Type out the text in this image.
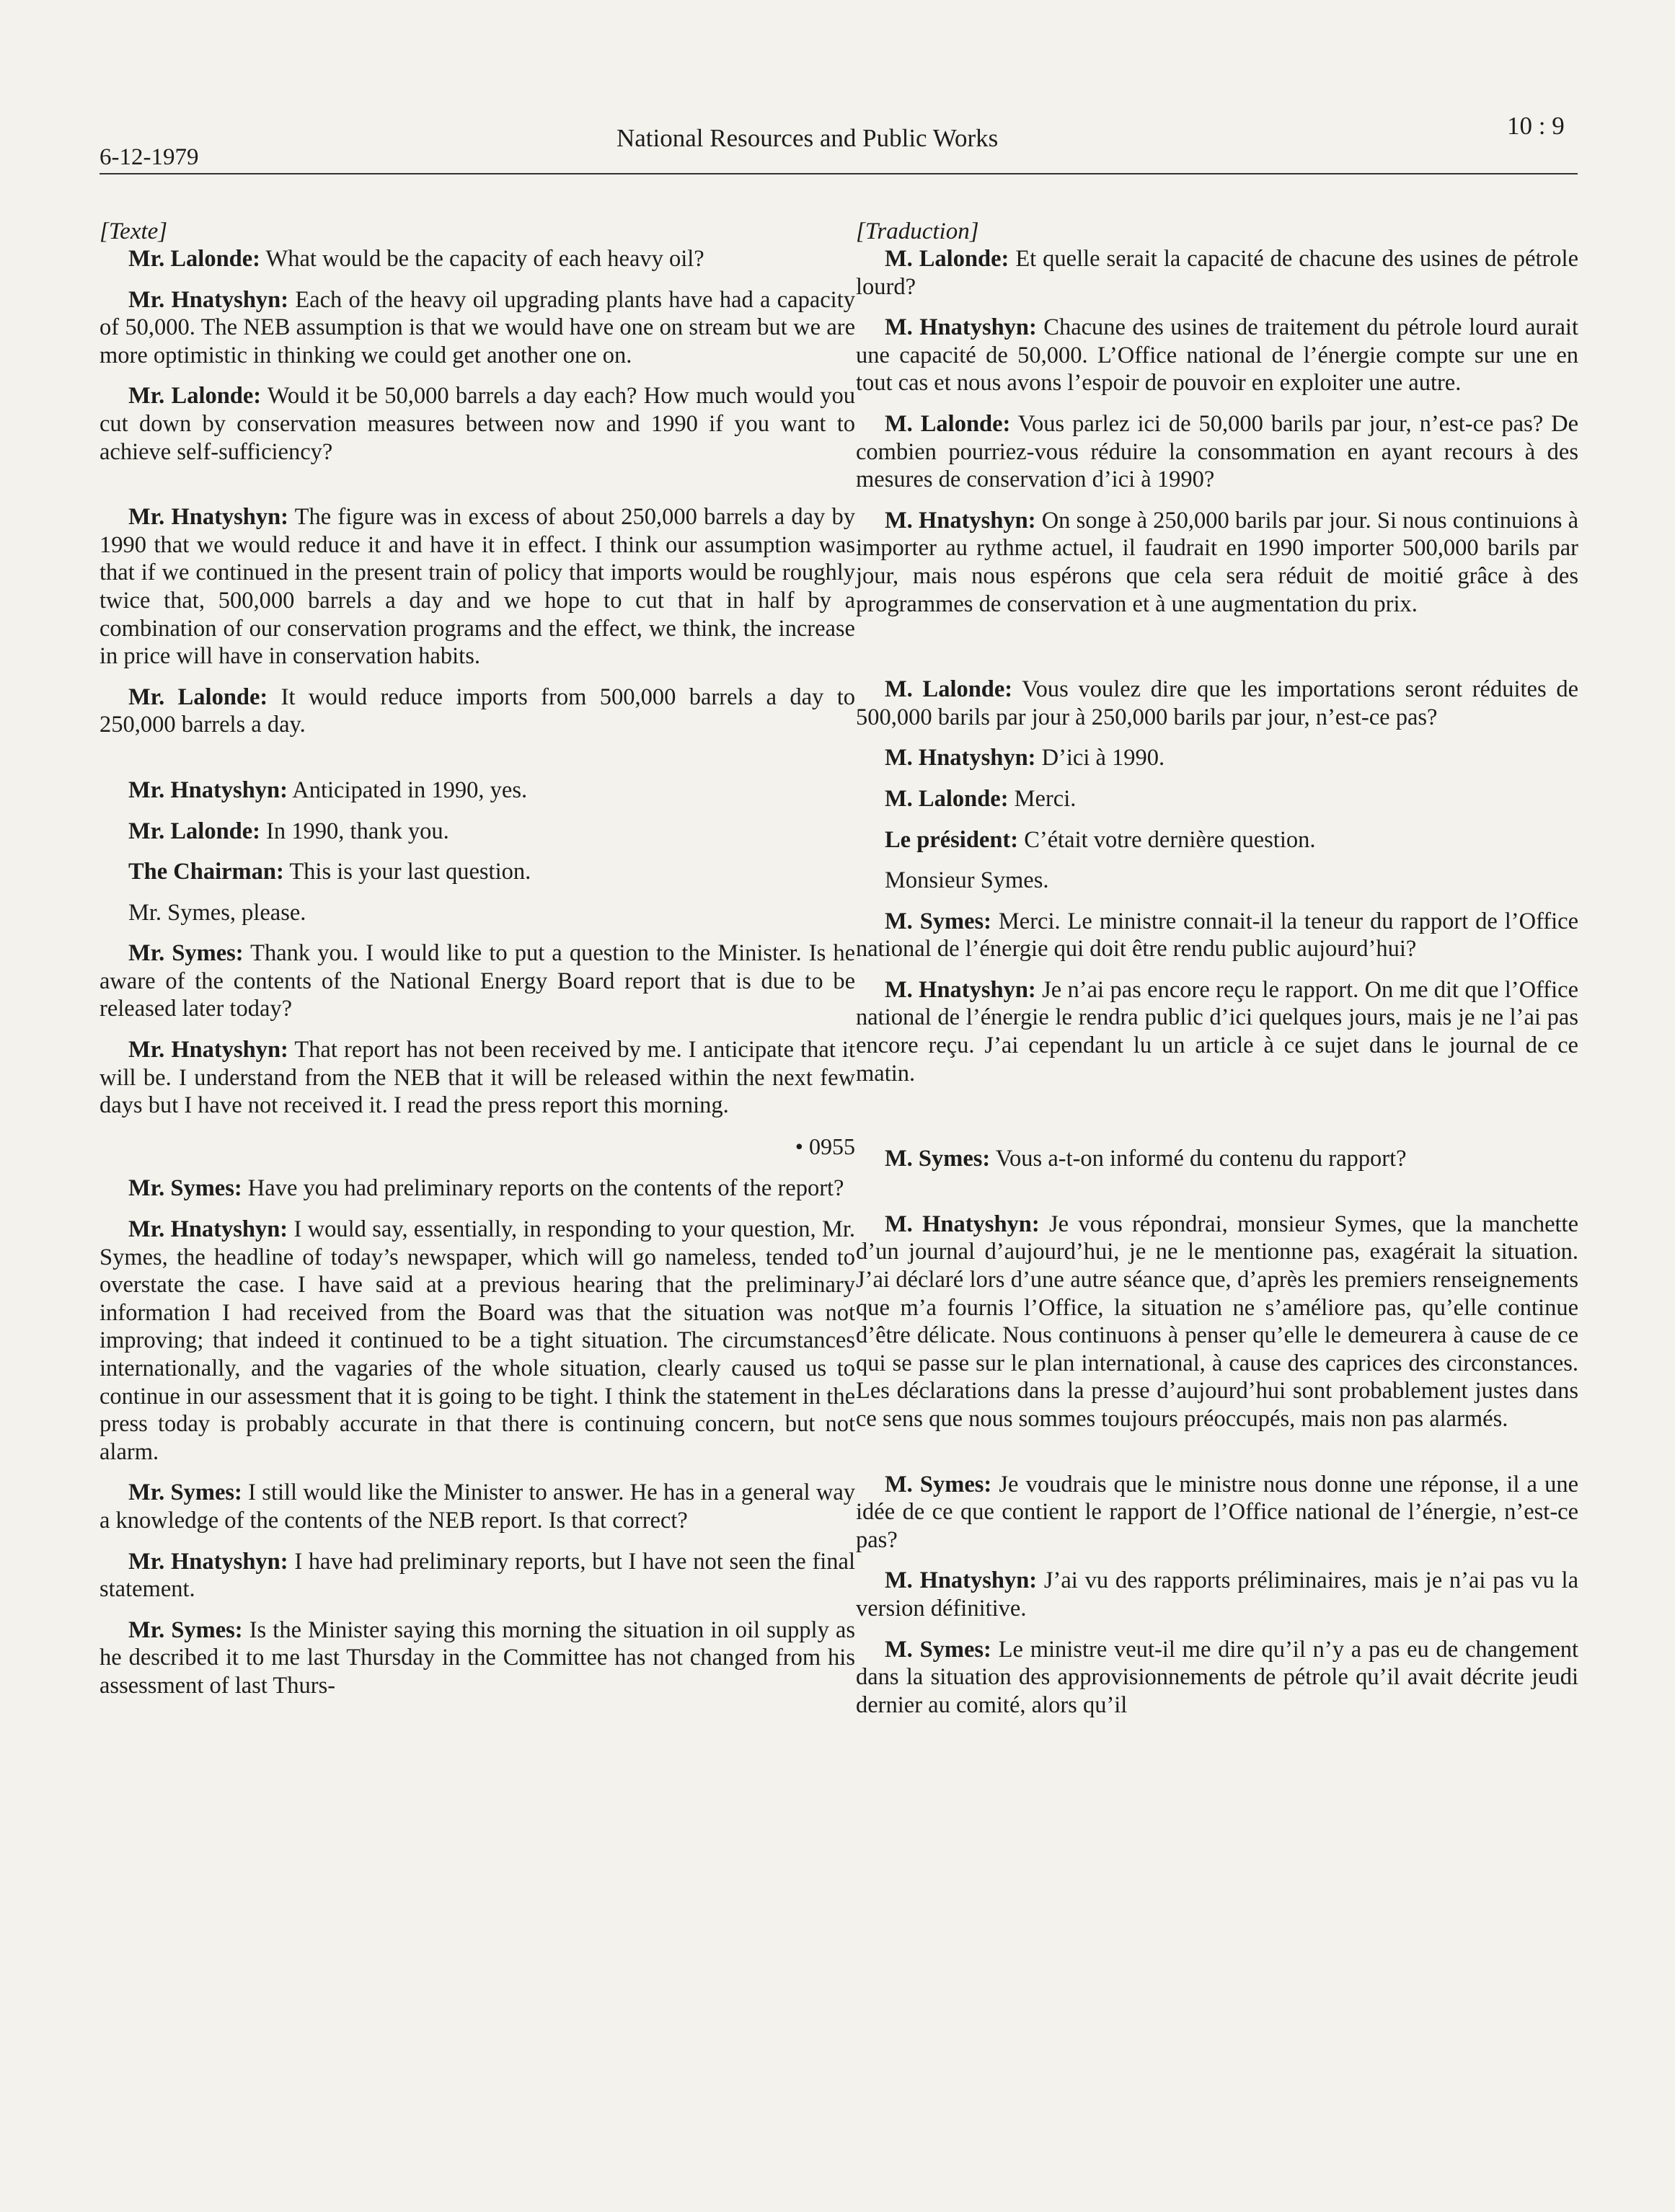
6-12-1979
National Resources and Public Works	10 : 9
[Texte]

Mr. Lalonde: What would be the capacity of each heavy oil?

Mr. Hnatyshyn: Each of the heavy oil upgrading plants have had a capacity of 50,000. The NEB assumption is that we would have one on stream but we are more optimistic in thinking we could get another one on.

Mr. Lalonde: Would it be 50,000 barrels a day each? How much would you cut down by conservation measures between now and 1990 if you want to achieve self-sufficiency?

Mr. Hnatyshyn: The figure was in excess of about 250,000 barrels a day by 1990 that we would reduce it and have it in effect. I think our assumption was that if we continued in the present train of policy that imports would be roughly twice that, 500,000 barrels a day and we hope to cut that in half by a combination of our conservation programs and the effect, we think, the increase in price will have in conservation habits.

Mr. Lalonde: It would reduce imports from 500,000 barrels a day to 250,000 barrels a day.

Mr. Hnatyshyn: Anticipated in 1990, yes.

Mr. Lalonde: In 1990, thank you.

The Chairman: This is your last question.

Mr. Symes, please.

Mr. Symes: Thank you. I would like to put a question to the Minister. Is he aware of the contents of the National Energy Board report that is due to be released later today?

Mr. Hnatyshyn: That report has not been received by me. I anticipate that it will be. I understand from the NEB that it will be released within the next few days but I have not received it. I read the press report this morning.

• 0955

Mr. Symes: Have you had preliminary reports on the contents of the report?

Mr. Hnatyshyn: I would say, essentially, in responding to your question, Mr. Symes, the headline of today’s newspaper, which will go nameless, tended to overstate the case. I have said at a previous hearing that the preliminary information I had received from the Board was that the situation was not improving; that indeed it continued to be a tight situation. The circumstances internationally, and the vagaries of the whole situation, clearly caused us to continue in our assessment that it is going to be tight. I think the statement in the press today is probably accurate in that there is continuing concern, but not alarm.

Mr. Symes: I still would like the Minister to answer. He has in a general way a knowledge of the contents of the NEB report. Is that correct?

Mr. Hnatyshyn: I have had preliminary reports, but I have not seen the final statement.

Mr. Symes: Is the Minister saying this morning the situation in oil supply as he described it to me last Thursday in the Committee has not changed from his assessment of last Thurs-

[Traduction]

M. Lalonde: Et quelle serait la capacité de chacune des usines de pétrole lourd?

M. Hnatyshyn: Chacune des usines de traitement du pétrole lourd aurait une capacité de 50,000. L’Office national de l’énergie compte sur une en tout cas et nous avons l’espoir de pouvoir en exploiter une autre.

M. Lalonde: Vous parlez ici de 50,000 barils par jour, n’est-ce pas? De combien pourriez-vous réduire la consommation en ayant recours à des mesures de conservation d’ici à 1990?

M. Hnatyshyn: On songe à 250,000 barils par jour. Si nous continuions à importer au rythme actuel, il faudrait en 1990 importer 500,000 barils par jour, mais nous espérons que cela sera réduit de moitié grâce à des programmes de conservation et à une augmentation du prix.

M. Lalonde: Vous voulez dire que les importations seront réduites de 500,000 barils par jour à 250,000 barils par jour, n’est-ce pas?

M. Hnatyshyn: D’ici à 1990.

M. Lalonde: Merci.

Le président: C’était votre dernière question.

Monsieur Symes.

M. Symes: Merci. Le ministre connait-il la teneur du rapport de l’Office national de l’énergie qui doit être rendu public aujourd’hui?

M. Hnatyshyn: Je n’ai pas encore reçu le rapport. On me dit que l’Office national de l’énergie le rendra public d’ici quelques jours, mais je ne l’ai pas encore reçu. J’ai cependant lu un article à ce sujet dans le journal de ce matin.

M. Symes: Vous a-t-on informé du contenu du rapport?

M. Hnatyshyn: Je vous répondrai, monsieur Symes, que la manchette d’un journal d’aujourd’hui, je ne le mentionne pas, exagérait la situation. J’ai déclaré lors d’une autre séance que, d’après les premiers renseignements que m’a fournis l’Office, la situation ne s’améliore pas, qu’elle continue d’être délicate. Nous continuons à penser qu’elle le demeurera à cause de ce qui se passe sur le plan international, à cause des caprices des circonstances. Les déclarations dans la presse d’aujourd’hui sont probablement justes dans ce sens que nous sommes toujours préoccupés, mais non pas alarmés.

M. Symes: Je voudrais que le ministre nous donne une réponse, il a une idée de ce que contient le rapport de l’Office national de l’énergie, n’est-ce pas?

M. Hnatyshyn: J’ai vu des rapports préliminaires, mais je n’ai pas vu la version définitive.

M. Symes: Le ministre veut-il me dire qu’il n’y a pas eu de changement dans la situation des approvisionnements de pétrole qu’il avait décrite jeudi dernier au comité, alors qu’il
